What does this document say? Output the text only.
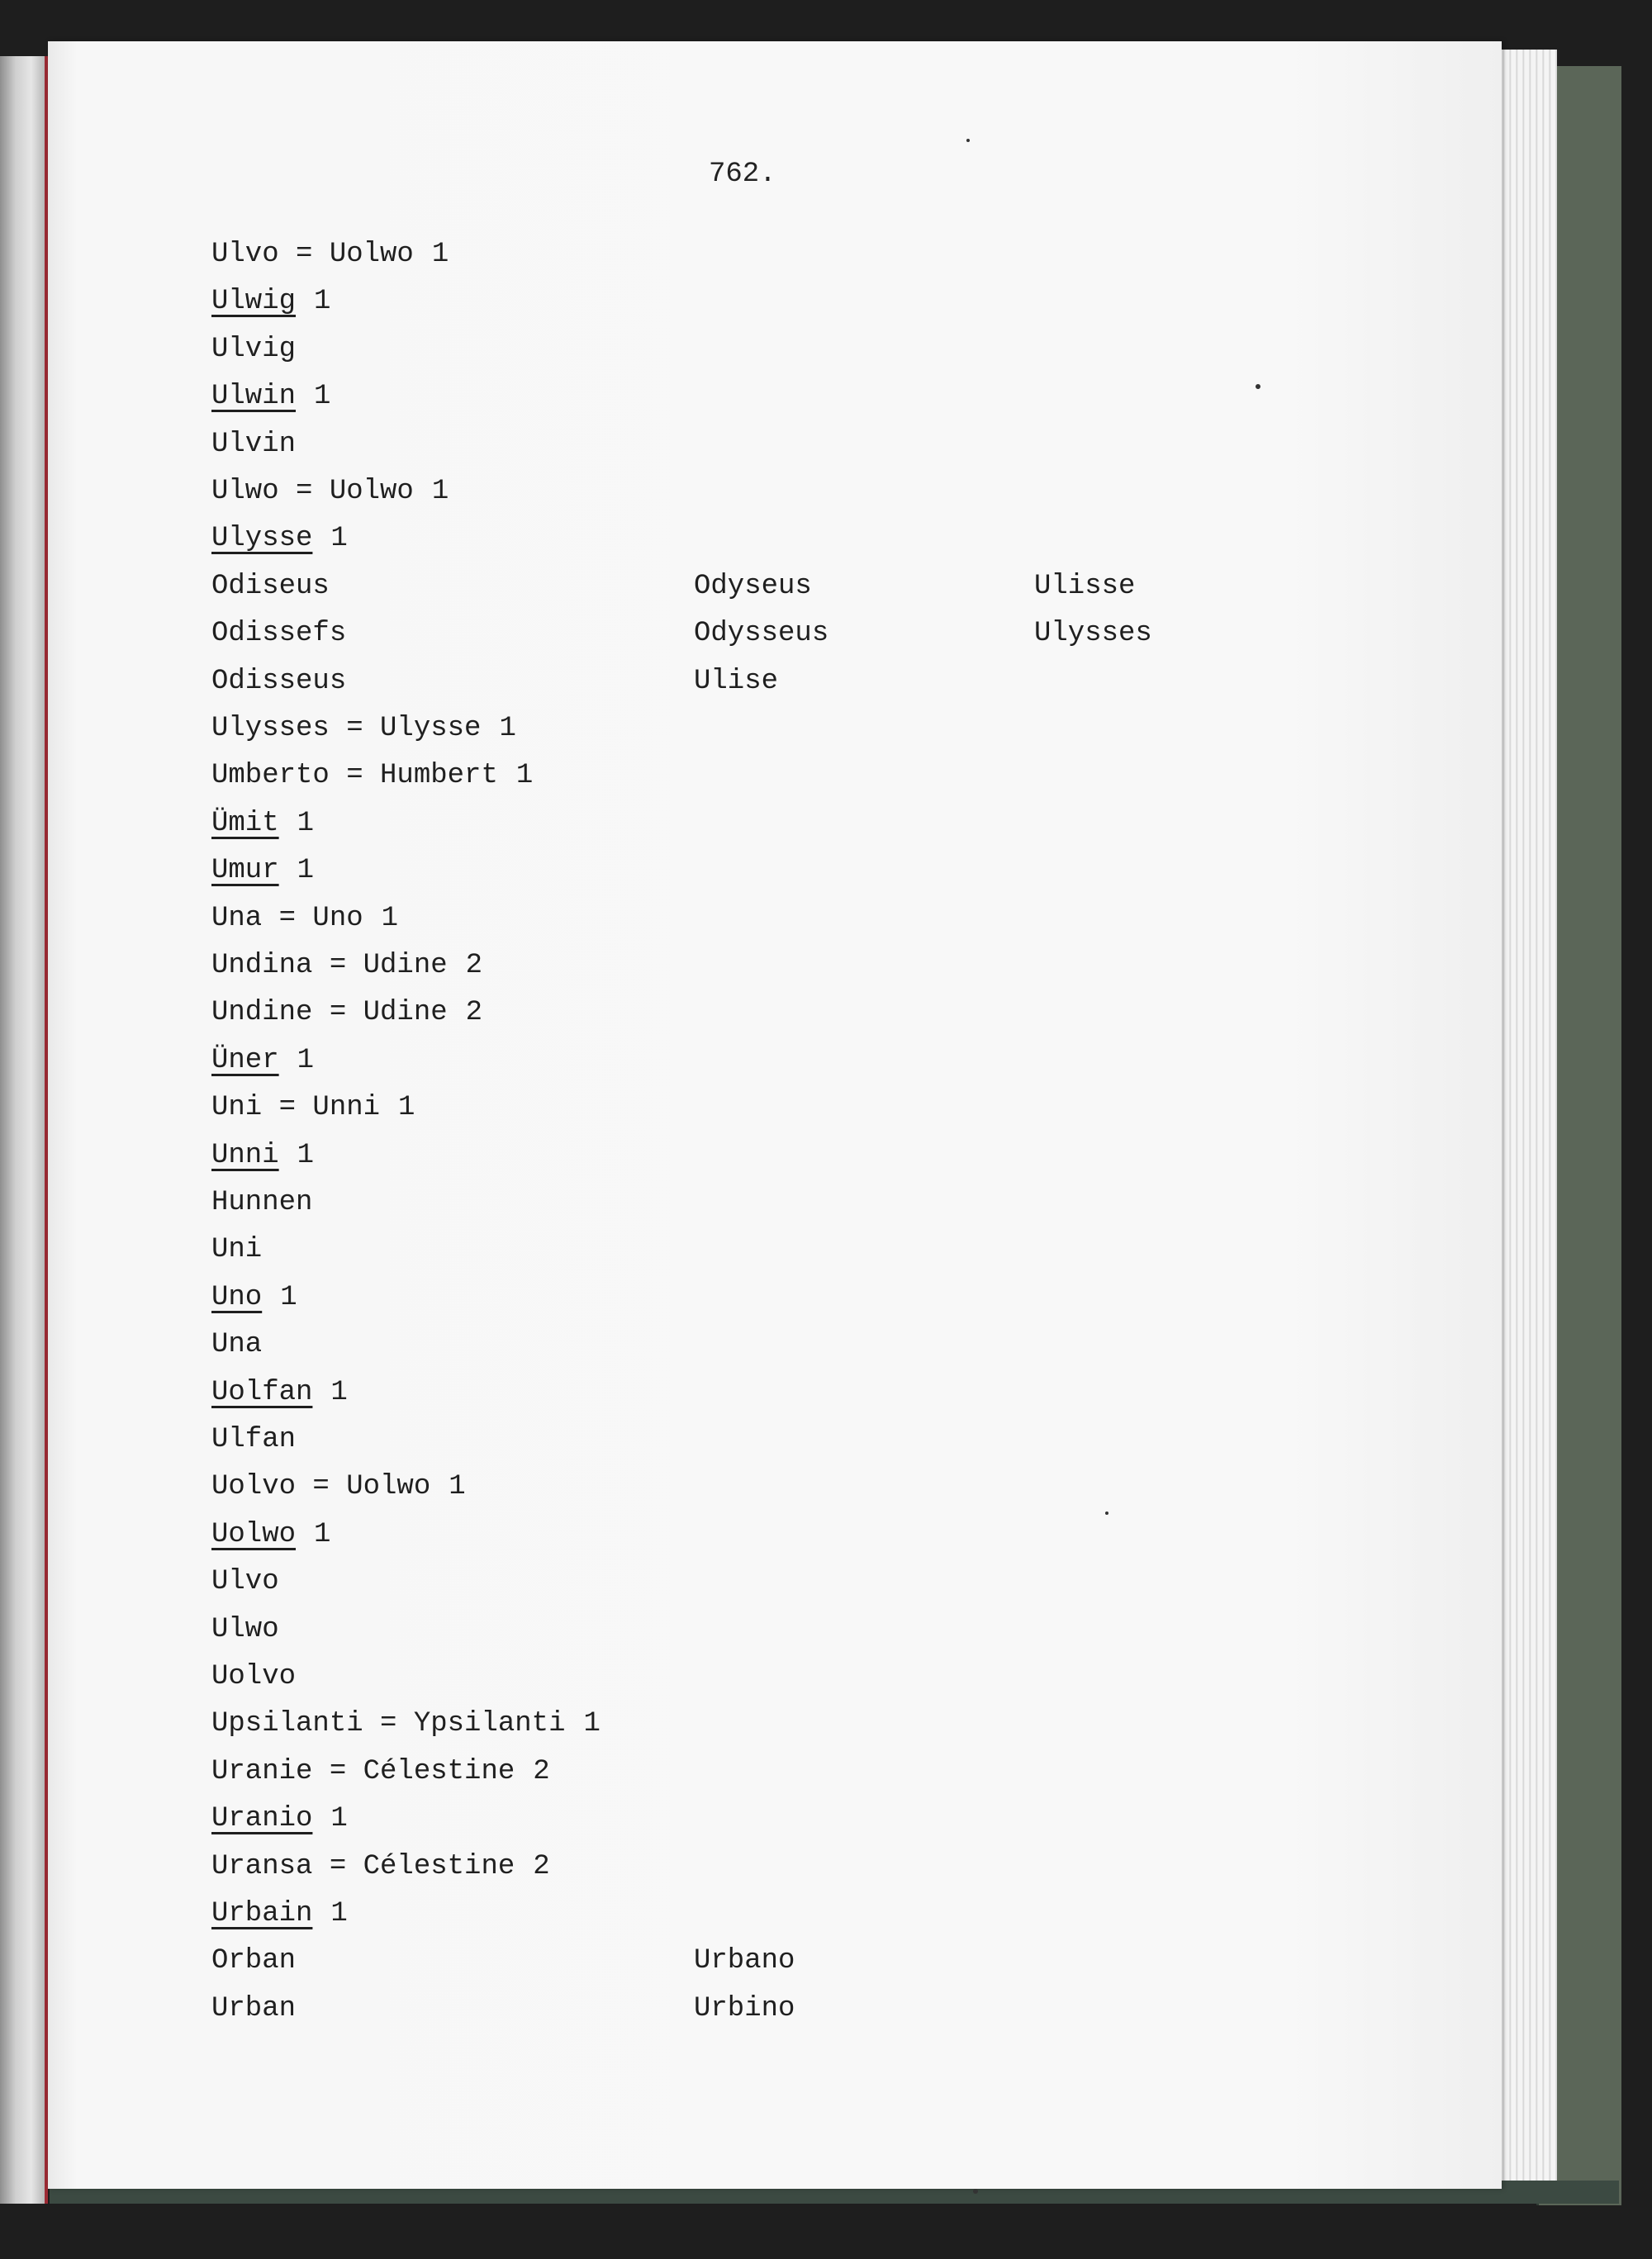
762.
Ulvo = Uolwo 1
Ulwig 1
Ulvig
Ulwin 1
Ulvin
Ulwo = Uolwo 1
Ulysse 1
Odiseus
Odissefs
Odisseus
Ulysses = Ulysse 1
Umberto = Humbert 1
Ümit 1
Umur 1
Una = Uno 1
Undina = Udine 2
Undine = Udine 2
Üner 1
Uni = Unni 1
Unni 1
Hunnen
Uni
Uno 1
Una
Uolfan 1
Ulfan
Uolvo = Uolwo 1
Uolwo 1
Ulvo
Ulwo
Uolvo
Upsilanti = Ypsilanti 1
Uranie = Célestine 2
Uranio 1
Uransa = Célestine 2
Urbain 1
Orban
Urban
Odyseus
Odysseus
Ulise
Ulisse
Ulysses
Urbano
Urbino
